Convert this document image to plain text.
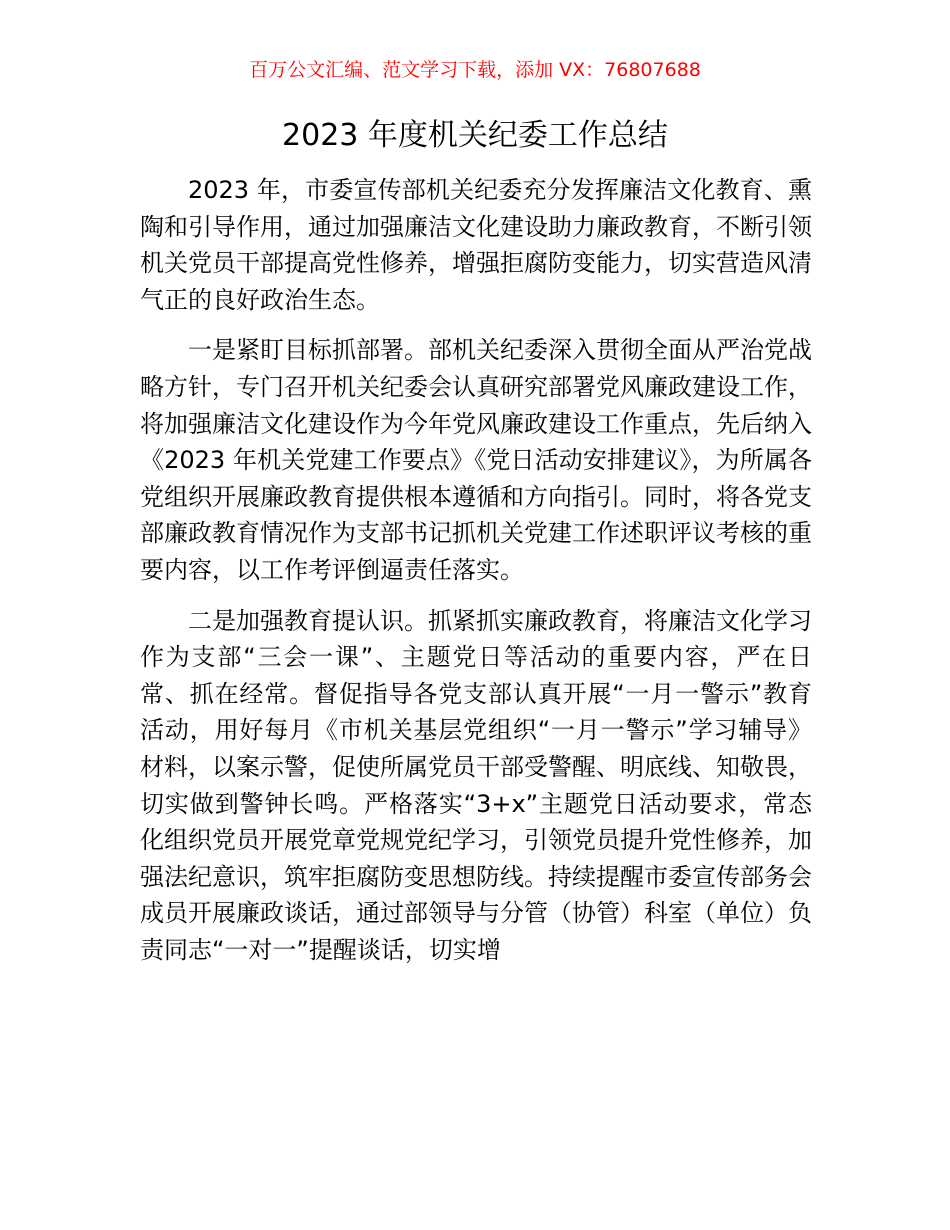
百万公文汇编、范文学习下载，添加 VX：76807688
2023 年度机关纪委工作总结

2023 年，市委宣传部机关纪委充分发挥廉洁文化教育、熏陶和引导作用，通过加强廉洁文化建设助力廉政教育，不断引领机关党员干部提高党性修养，增强拒腐防变能力，切实营造风清气正的良好政治生态。

一是紧盯目标抓部署。部机关纪委深入贯彻全面从严治党战略方针，专门召开机关纪委会认真研究部署党风廉政建设工作，将加强廉洁文化建设作为今年党风廉政建设工作重点，先后纳入《2023 年机关党建工作要点》《党日活动安排建议》，为所属各党组织开展廉政教育提供根本遵循和方向指引。同时，将各党支部廉政教育情况作为支部书记抓机关党建工作述职评议考核的重要内容，以工作考评倒逼责任落实。

二是加强教育提认识。抓紧抓实廉政教育，将廉洁文化学习作为支部“三会一课”、主题党日等活动的重要内容，严在日常、抓在经常。督促指导各党支部认真开展“一月一警示”教育活动，用好每月《市机关基层党组织“一月一警示”学习辅导》材料，以案示警，促使所属党员干部受警醒、明底线、知敬畏，切实做到警钟长鸣。严格落实“3+x”主题党日活动要求，常态化组织党员开展党章党规党纪学习，引领党员提升党性修养，加强法纪意识，筑牢拒腐防变思想防线。持续提醒市委宣传部务会成员开展廉政谈话，通过部领导与分管（协管）科室（单位）负责同志“一对一”提醒谈话，切实增
